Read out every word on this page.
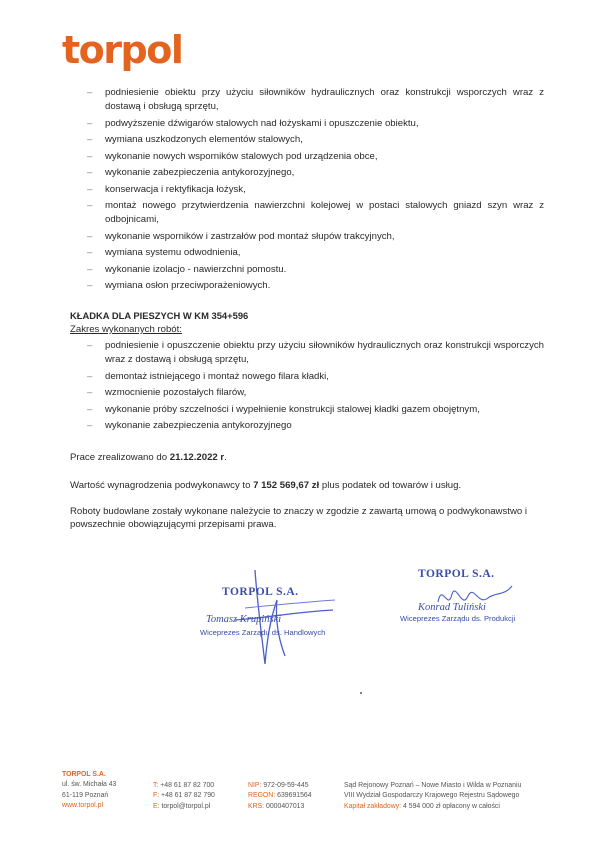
torpol
– podniesienie obiektu przy użyciu siłowników hydraulicznych oraz konstrukcji wsporczych wraz z dostawą i obsługą sprzętu,
– podwyższenie dźwigarów stalowych nad łożyskami i opuszczenie obiektu,
– wymiana uszkodzonych elementów stalowych,
– wykonanie nowych wsporników stalowych pod urządzenia obce,
– wykonanie zabezpieczenia antykorozyjnego,
– konserwacja i rektyfikacja łożysk,
– montaż nowego przytwierdzenia nawierzchni kolejowej w postaci stalowych gniazd szyn wraz z odbojnicami,
– wykonanie wsporników i zastrzałów pod montaż słupów trakcyjnych,
– wymiana systemu odwodnienia,
– wykonanie izolacjo - nawierzchni pomostu.
– wymiana osłon przeciwporażeniowych.
KŁADKA DLA PIESZYCH W KM 354+596
Zakres wykonanych robót:
– podniesienie i opuszczenie obiektu przy użyciu siłowników hydraulicznych oraz konstrukcji wsporczych wraz z dostawą i obsługą sprzętu,
– demontaż istniejącego i montaż nowego filara kładki,
– wzmocnienie pozostałych filarów,
– wykonanie próby szczelności i wypełnienie konstrukcji stalowej kładki gazem obojętnym,
– wykonanie zabezpieczenia antykorozyjnego
Prace zrealizowano do 21.12.2022 r.
Wartość wynagrodzenia podwykonawcy to 7 152 569,67 zł plus podatek od towarów i usług.
Roboty budowlane zostały wykonane należycie to znaczy w zgodzie z zawartą umową o podwykonawstwo i powszechnie obowiązującymi przepisami prawa.
TORPOL S.A.
Tomasz Krupiński
Wiceprezes Zarządu ds. Handlowych
TORPOL S.A.
Konrad Tuliński
Wiceprezes Zarządu ds. Produkcji
TORPOL S.A.
ul. św. Michała 43
61-119 Poznań
www.torpol.pl
T: +48 61 87 82 700
F: +48 61 87 82 790
E: torpol@torpol.pl
NIP: 972-09-59-445
REGON: 639691564
KRS: 0000407013
Sąd Rejonowy Poznań – Nowe Miasto i Wilda w Poznaniu
VIII Wydział Gospodarczy Krajowego Rejestru Sądowego
Kapitał zakładowy: 4 594 000 zł opłacony w całości
